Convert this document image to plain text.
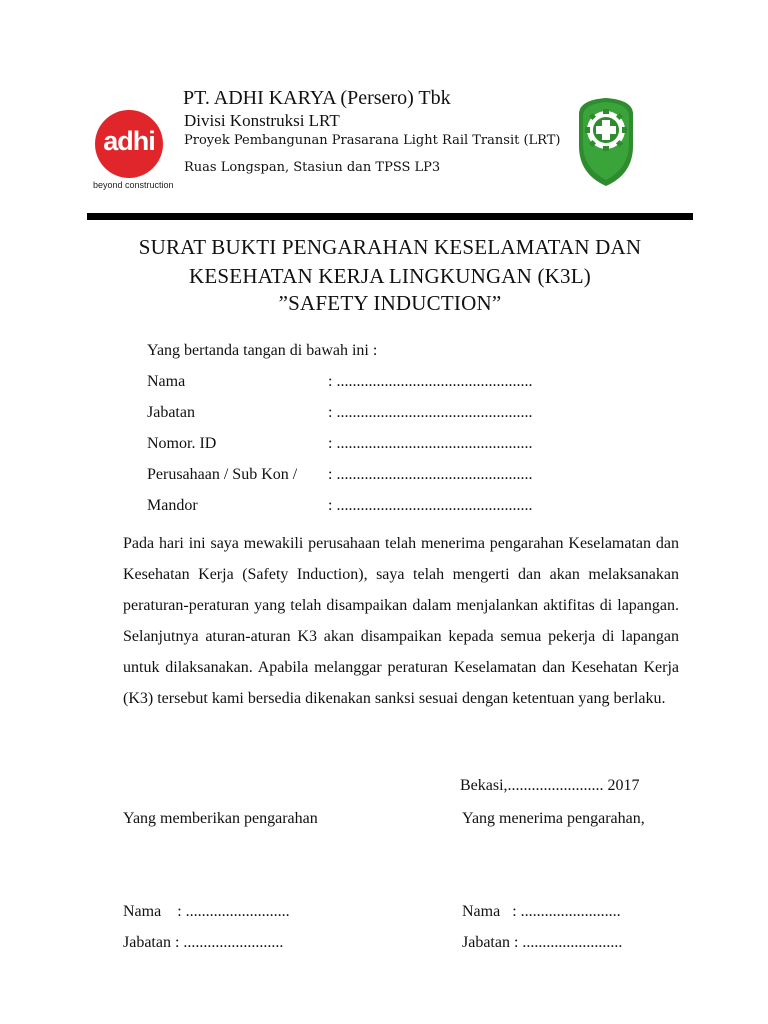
adhi
beyond construction
PT. ADHI KARYA (Persero) Tbk
Divisi Konstruksi LRT
Proyek Pembangunan Prasarana Light Rail Transit (LRT)
Ruas Longspan, Stasiun dan TPSS LP3
SURAT BUKTI PENGARAHAN KESELAMATAN DAN
KESEHATAN KERJA LINGKUNGAN (K3L)
”SAFETY INDUCTION”
Yang bertanda tangan di bawah ini :
Nama	: .................................................
Jabatan	: .................................................
Nomor. ID	: .................................................
Perusahaan / Sub Kon / : .................................................
Mandor	: .................................................
Pada hari ini saya mewakili perusahaan telah menerima pengarahan Keselamatan dan Kesehatan Kerja (Safety Induction), saya telah mengerti dan akan melaksanakan peraturan-peraturan yang telah disampaikan dalam menjalankan aktifitas di lapangan. Selanjutnya aturan-aturan K3 akan disampaikan kepada semua pekerja di lapangan untuk dilaksanakan. Apabila melanggar peraturan Keselamatan dan Kesehatan Kerja (K3) tersebut kami bersedia dikenakan sanksi sesuai dengan ketentuan yang berlaku.
Bekasi,........................ 2017
Yang memberikan pengarahan	Yang menerima pengarahan,
Nama    : ..........................
Jabatan : .........................
Nama   : .........................
Jabatan : .........................
